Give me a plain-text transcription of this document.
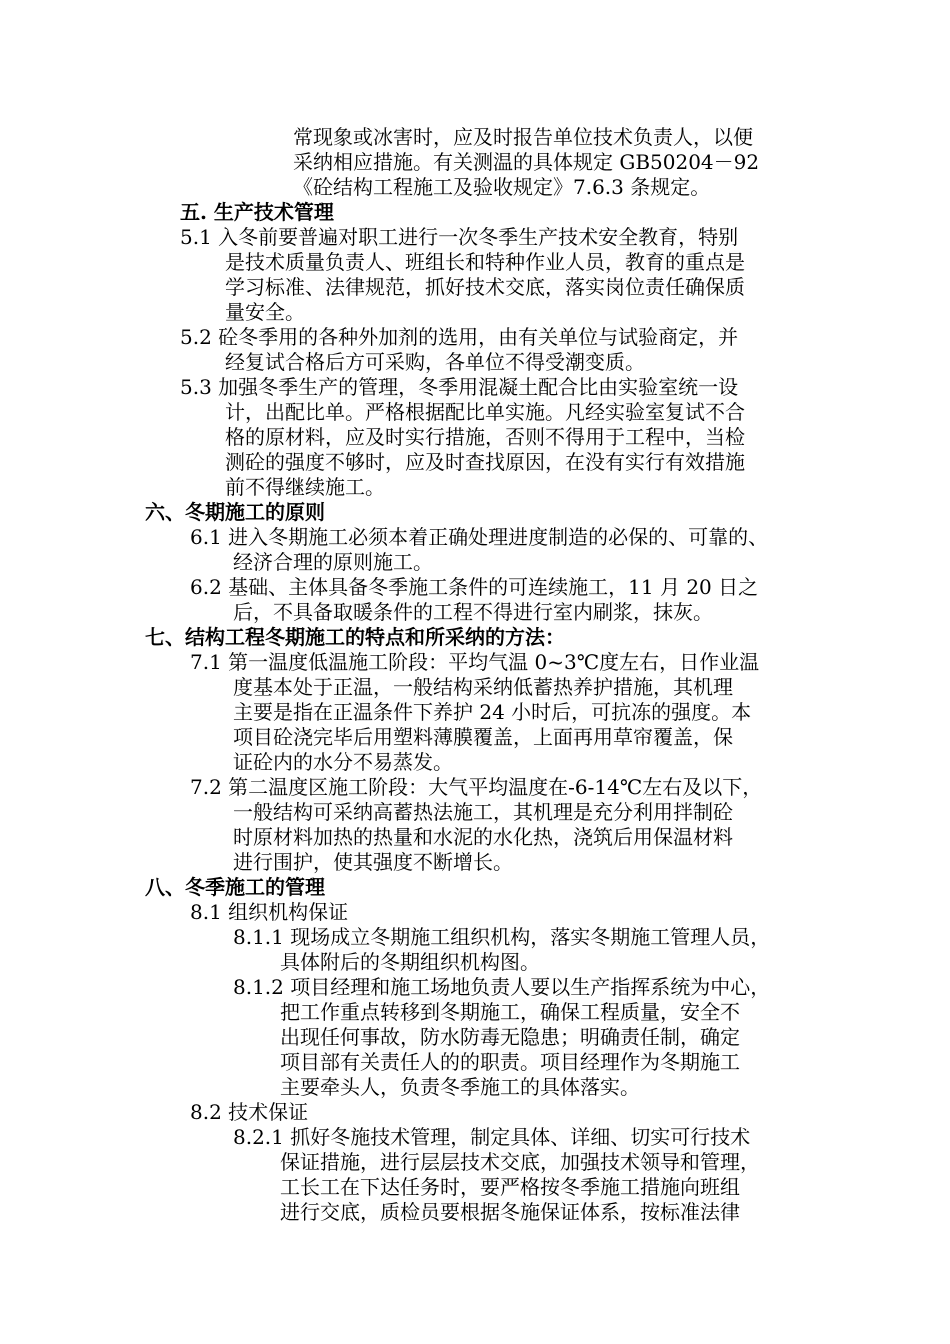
常现象或冰害时，应及时报告单位技术负责人，以便
采纳相应措施。有关测温的具体规定 GB50204－92
《砼结构工程施工及验收规定》7.6.3 条规定。
五. 生产技术管理
5.1 入冬前要普遍对职工进行一次冬季生产技术安全教育，特别
是技术质量负责人、班组长和特种作业人员，教育的重点是
学习标准、法律规范，抓好技术交底，落实岗位责任确保质
量安全。
5.2 砼冬季用的各种外加剂的选用，由有关单位与试验商定，并
经复试合格后方可采购，各单位不得受潮变质。
5.3 加强冬季生产的管理，冬季用混凝土配合比由实验室统一设
计，出配比单。严格根据配比单实施。凡经实验室复试不合
格的原材料，应及时实行措施，否则不得用于工程中，当检
测砼的强度不够时，应及时查找原因，在没有实行有效措施
前不得继续施工。
六、冬期施工的原则
6.1 进入冬期施工必须本着正确处理进度制造的必保的、可靠的、
经济合理的原则施工。
6.2 基础、主体具备冬季施工条件的可连续施工，11 月 20 日之
后，不具备取暖条件的工程不得进行室内刷浆，抹灰。
七、结构工程冬期施工的特点和所采纳的方法：
7.1 第一温度低温施工阶段：平均气温 0~3℃度左右，日作业温
度基本处于正温，一般结构采纳低蓄热养护措施，其机理
主要是指在正温条件下养护 24 小时后，可抗冻的强度。本
项目砼浇完毕后用塑料薄膜覆盖，上面再用草帘覆盖，保
证砼内的水分不易蒸发。
7.2 第二温度区施工阶段：大气平均温度在-6-14℃左右及以下，
一般结构可采纳高蓄热法施工，其机理是充分利用拌制砼
时原材料加热的热量和水泥的水化热，浇筑后用保温材料
进行围护，使其强度不断增长。
八、冬季施工的管理
8.1 组织机构保证
8.1.1 现场成立冬期施工组织机构，落实冬期施工管理人员，
具体附后的冬期组织机构图。
8.1.2 项目经理和施工场地负责人要以生产指挥系统为中心，
把工作重点转移到冬期施工，确保工程质量，安全不
出现任何事故，防水防毒无隐患；明确责任制，确定
项目部有关责任人的的职责。项目经理作为冬期施工
主要牵头人，负责冬季施工的具体落实。
8.2 技术保证
8.2.1 抓好冬施技术管理，制定具体、详细、切实可行技术
保证措施，进行层层技术交底，加强技术领导和管理，
工长工在下达任务时，要严格按冬季施工措施向班组
进行交底，质检员要根据冬施保证体系，按标准法律
